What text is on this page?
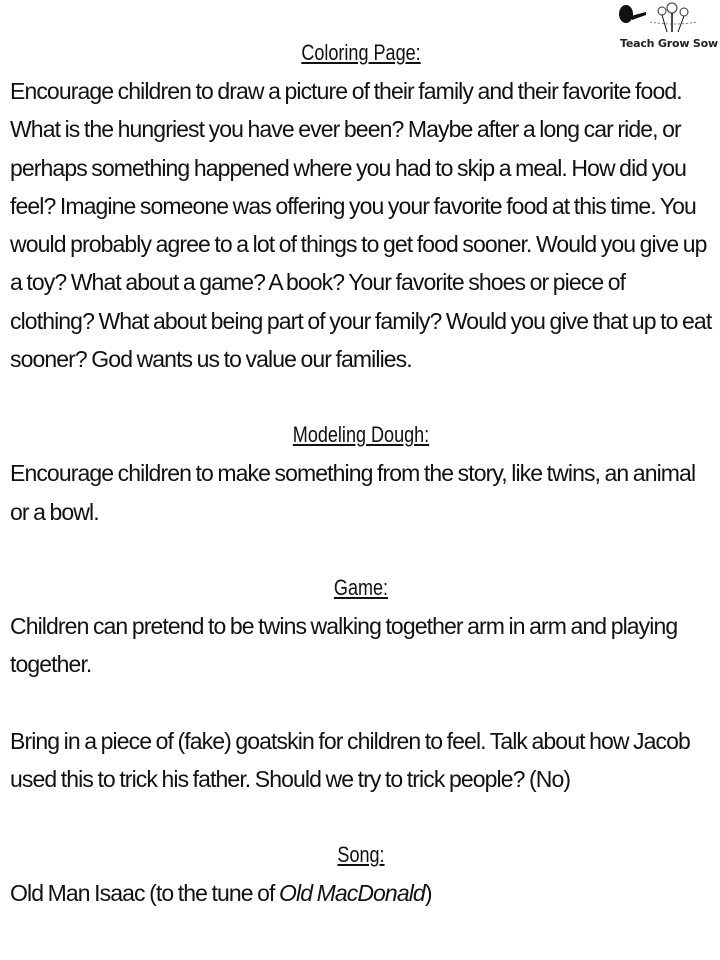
Teach Grow Sow

Coloring Page:

Encourage children to draw a picture of their family and their favorite food. What is the hungriest you have ever been? Maybe after a long car ride, or perhaps something happened where you had to skip a meal. How did you feel? Imagine someone was offering you your favorite food at this time. You would probably agree to a lot of things to get food sooner. Would you give up a toy? What about a game? A book? Your favorite shoes or piece of clothing? What about being part of your family? Would you give that up to eat sooner? God wants us to value our families.

Modeling Dough:

Encourage children to make something from the story, like twins, an animal or a bowl.

Game:

Children can pretend to be twins walking together arm in arm and playing together.

Bring in a piece of (fake) goatskin for children to feel. Talk about how Jacob used this to trick his father. Should we try to trick people? (No)

Song:

Old Man Isaac (to the tune of Old MacDonald)
